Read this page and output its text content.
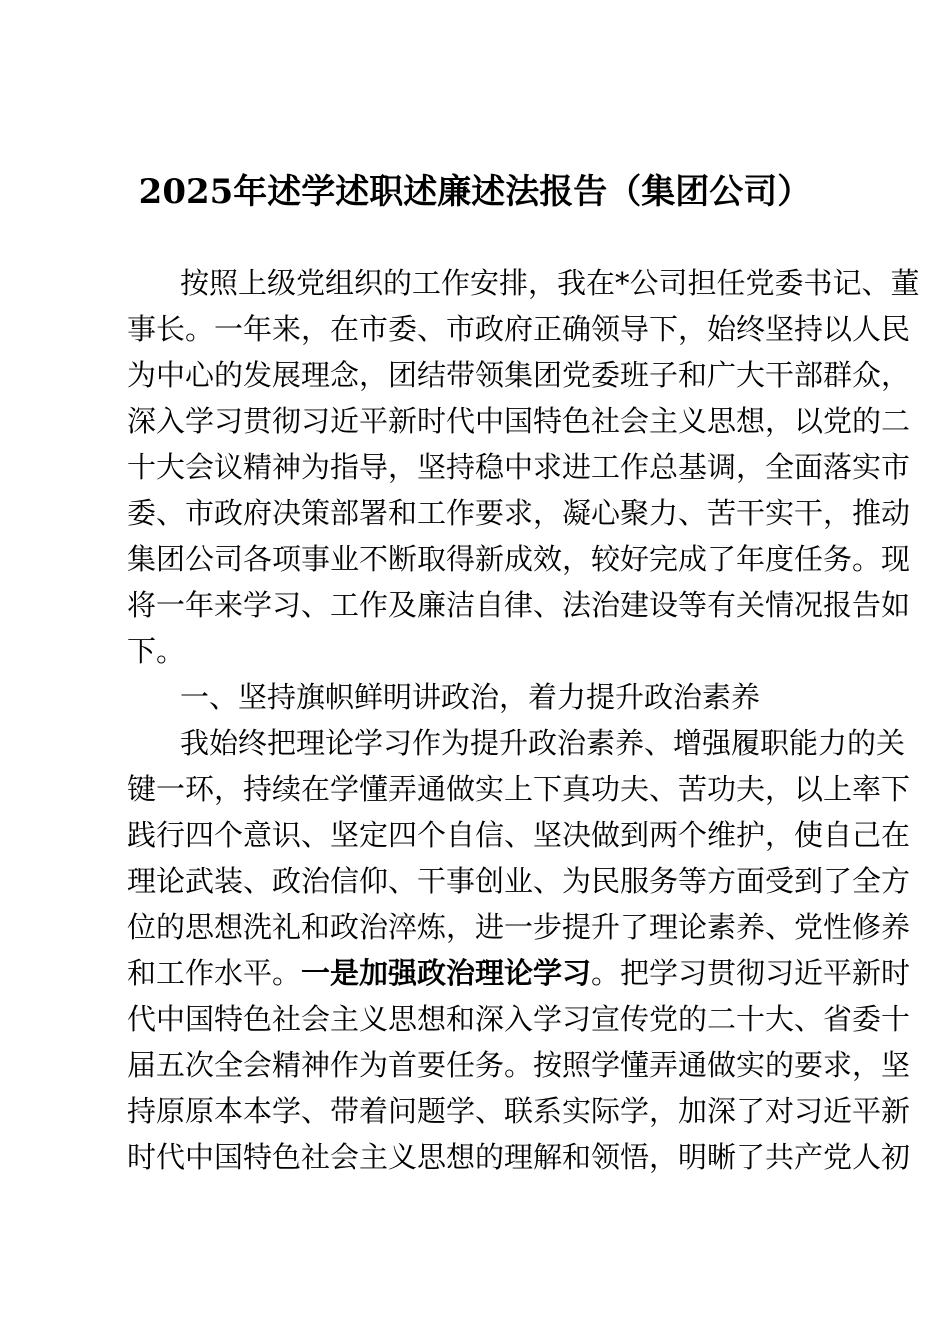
2025年述学述职述廉述法报告（集团公司）
按照上级党组织的工作安排，我在*公司担任党委书记、董
事长。一年来，在市委、市政府正确领导下，始终坚持以人民
为中心的发展理念，团结带领集团党委班子和广大干部群众，
深入学习贯彻习近平新时代中国特色社会主义思想，以党的二
十大会议精神为指导，坚持稳中求进工作总基调，全面落实市
委、市政府决策部署和工作要求，凝心聚力、苦干实干，推动
集团公司各项事业不断取得新成效，较好完成了年度任务。现
将一年来学习、工作及廉洁自律、法治建设等有关情况报告如
下。
一、坚持旗帜鲜明讲政治，着力提升政治素养
我始终把理论学习作为提升政治素养、增强履职能力的关
键一环，持续在学懂弄通做实上下真功夫、苦功夫，以上率下
践行四个意识、坚定四个自信、坚决做到两个维护，使自己在
理论武装、政治信仰、干事创业、为民服务等方面受到了全方
位的思想洗礼和政治淬炼，进一步提升了理论素养、党性修养
和工作水平。一是加强政治理论学习。把学习贯彻习近平新时
代中国特色社会主义思想和深入学习宣传党的二十大、省委十
届五次全会精神作为首要任务。按照学懂弄通做实的要求，坚
持原原本本学、带着问题学、联系实际学，加深了对习近平新
时代中国特色社会主义思想的理解和领悟，明晰了共产党人初
